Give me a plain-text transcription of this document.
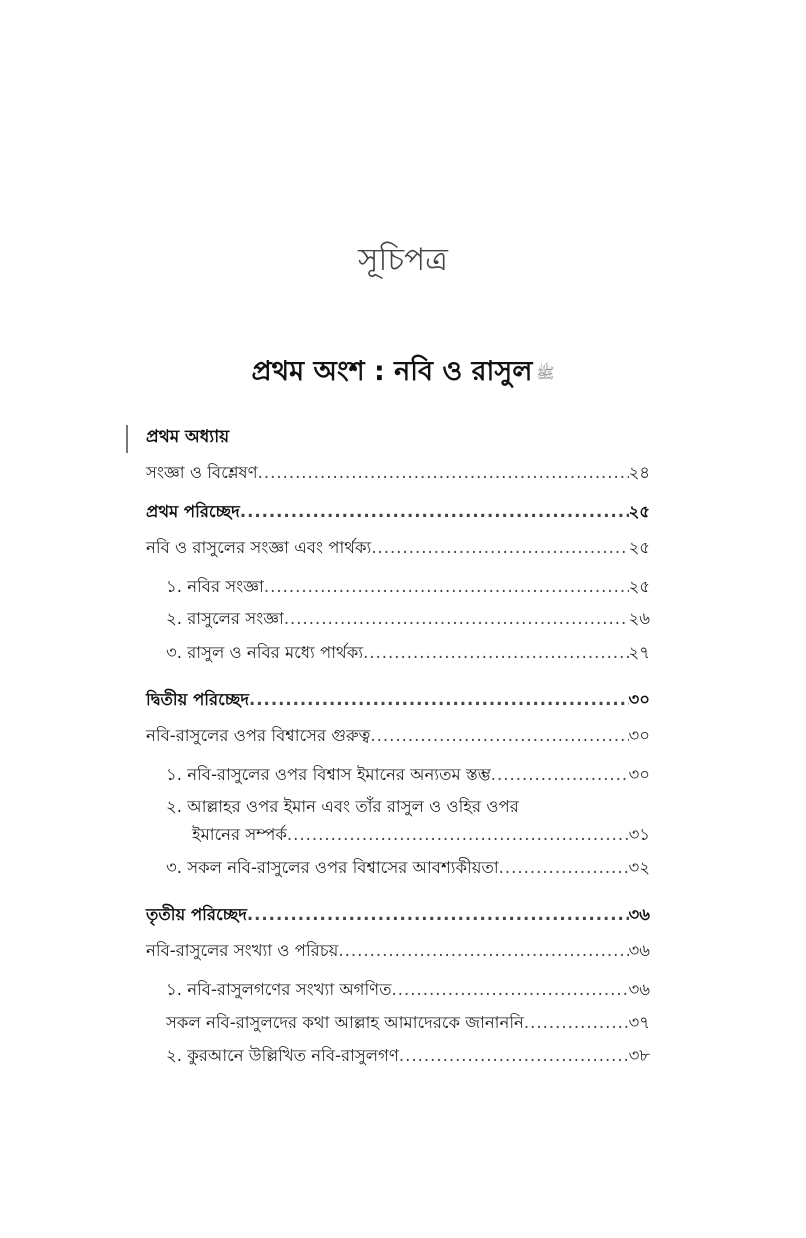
সূচিপত্র
প্রথম অংশ : নবি ও রাসুল ﷺ
প্রথম অধ্যায়
সংজ্ঞা ও বিশ্লেষণ .....	২৪
প্রথম পরিচ্ছেদ .....	২৫
নবি ও রাসুলের সংজ্ঞা এবং পার্থক্য .....	২৫
১. নবির সংজ্ঞা .....	২৫
২. রাসুলের সংজ্ঞা .....	২৬
৩. রাসুল ও নবির মধ্যে পার্থক্য .....	২৭
দ্বিতীয় পরিচ্ছেদ .....	৩০
নবি-রাসুলের ওপর বিশ্বাসের গুরুত্ব .....	৩০
১. নবি-রাসুলের ওপর বিশ্বাস ইমানের অন্যতম স্তম্ভ .....	৩০
২. আল্লাহর ওপর ইমান এবং তাঁর রাসুল ও ওহির ওপর
ইমানের সম্পর্ক .....	৩১
৩. সকল নবি-রাসুলের ওপর বিশ্বাসের আবশ্যকীয়তা .....	৩২
তৃতীয় পরিচ্ছেদ .....	৩৬
নবি-রাসুলের সংখ্যা ও পরিচয় .....	৩৬
১. নবি-রাসুলগণের সংখ্যা অগণিত .....	৩৬
সকল নবি-রাসুলদের কথা আল্লাহ আমাদেরকে জানাননি .....	৩৭
২. কুরআনে উল্লিখিত নবি-রাসুলগণ .....	৩৮
